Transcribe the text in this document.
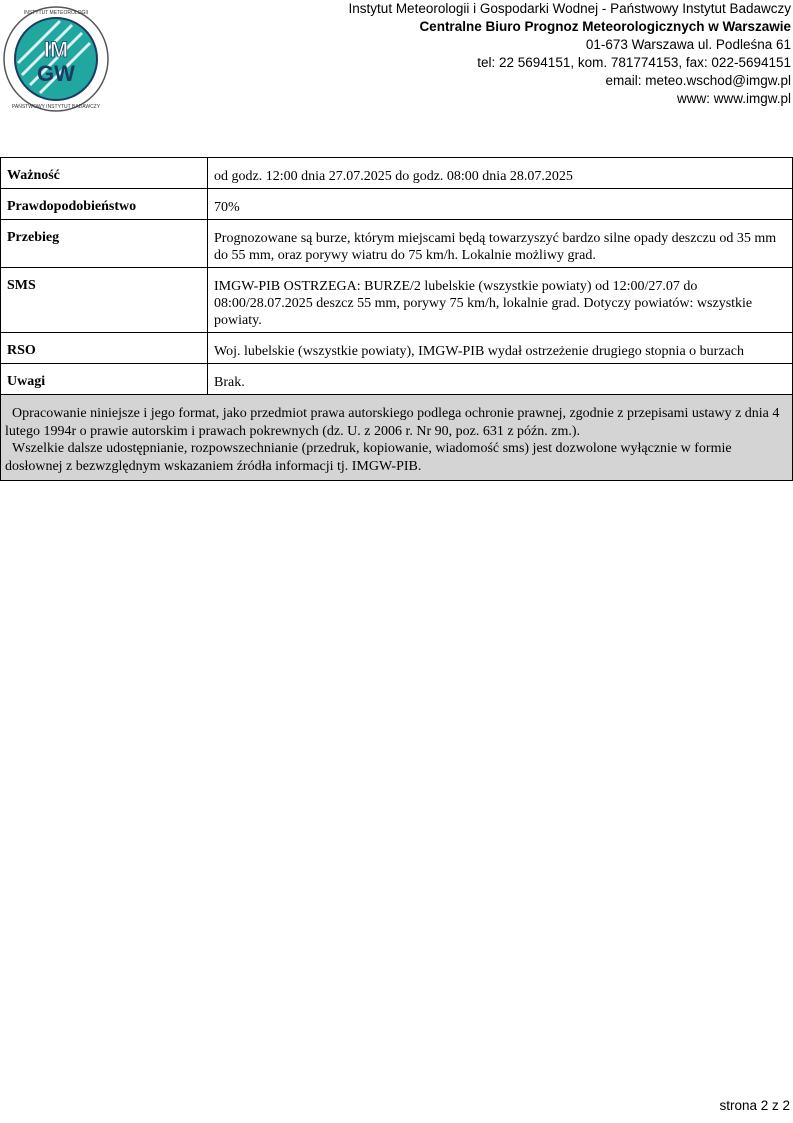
IM
GW
INSTYTUT METEOROLOGII
PAŃSTWOWY INSTYTUT BADAWCZY
Instytut Meteorologii i Gospodarki Wodnej - Państwowy Instytut Badawczy
Centralne Biuro Prognoz Meteorologicznych w Warszawie
01-673 Warszawa ul. Podleśna 61
tel: 22 5694151, kom. 781774153, fax: 022-5694151
email: meteo.wschod@imgw.pl
www: www.imgw.pl
Ważność	od godz. 12:00 dnia 27.07.2025 do godz. 08:00 dnia 28.07.2025
Prawdopodobieństwo	70%
Przebieg	Prognozowane są burze, którym miejscami będą towarzyszyć bardzo silne opady deszczu od 35 mm do 55 mm, oraz porywy wiatru do 75 km/h. Lokalnie możliwy grad.
SMS	IMGW-PIB OSTRZEGA: BURZE/2 lubelskie (wszystkie powiaty) od 12:00/27.07 do 08:00/28.07.2025 deszcz 55 mm, porywy 75 km/h, lokalnie grad. Dotyczy powiatów: wszystkie powiaty.
RSO	Woj. lubelskie (wszystkie powiaty), IMGW-PIB wydał ostrzeżenie drugiego stopnia o burzach
Uwagi	Brak.

Opracowanie niniejsze i jego format, jako przedmiot prawa autorskiego podlega ochronie prawnej, zgodnie z przepisami ustawy z dnia 4 lutego 1994r o prawie autorskim i prawach pokrewnych (dz. U. z 2006 r. Nr 90, poz. 631 z późn. zm.).
Wszelkie dalsze udostępnianie, rozpowszechnianie (przedruk, kopiowanie, wiadomość sms) jest dozwolone wyłącznie w formie dosłownej z bezwzględnym wskazaniem źródła informacji tj. IMGW-PIB.	
strona 2 z 2
